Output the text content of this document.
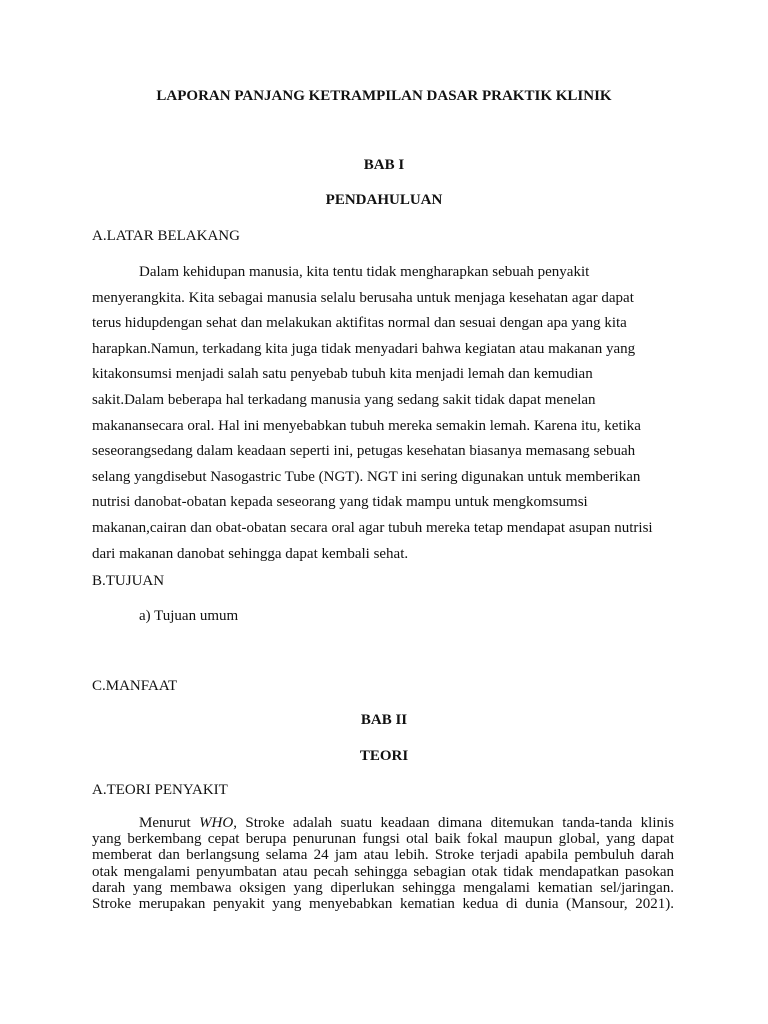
LAPORAN PANJANG KETRAMPILAN DASAR PRAKTIK KLINIK
BAB I
PENDAHULUAN
A.LATAR BELAKANG
Dalam kehidupan manusia, kita tentu tidak mengharapkan sebuah penyakit
menyerangkita. Kita sebagai manusia selalu berusaha untuk menjaga kesehatan agar dapat
terus hidupdengan sehat dan melakukan aktifitas normal dan sesuai dengan apa yang kita
harapkan.Namun, terkadang kita juga tidak menyadari bahwa kegiatan atau makanan yang
kitakonsumsi menjadi salah satu penyebab tubuh kita menjadi lemah dan kemudian
sakit.Dalam beberapa hal terkadang manusia yang sedang sakit tidak dapat menelan
makanansecara oral. Hal ini menyebabkan tubuh mereka semakin lemah. Karena itu, ketika
seseorangsedang dalam keadaan seperti ini, petugas kesehatan biasanya memasang sebuah
selang yangdisebut Nasogastric Tube (NGT). NGT ini sering digunakan untuk memberikan
nutrisi danobat-obatan kepada seseorang yang tidak mampu untuk mengkomsumsi
makanan,cairan dan obat-obatan secara oral agar tubuh mereka tetap mendapat asupan nutrisi
dari makanan danobat sehingga dapat kembali sehat.
B.TUJUAN
a) Tujuan umum
C.MANFAAT
BAB II
TEORI
A.TEORI PENYAKIT
Menurut WHO, Stroke adalah suatu keadaan dimana ditemukan tanda-tanda klinis
yang berkembang cepat berupa penurunan fungsi otal baik fokal maupun global, yang dapat
memberat dan berlangsung selama 24 jam atau lebih. Stroke terjadi apabila pembuluh darah
otak mengalami penyumbatan atau pecah sehingga sebagian otak tidak mendapatkan pasokan
darah yang membawa oksigen yang diperlukan sehingga mengalami kematian sel/jaringan.
Stroke merupakan penyakit yang menyebabkan kematian kedua di dunia (Mansour, 2021).
